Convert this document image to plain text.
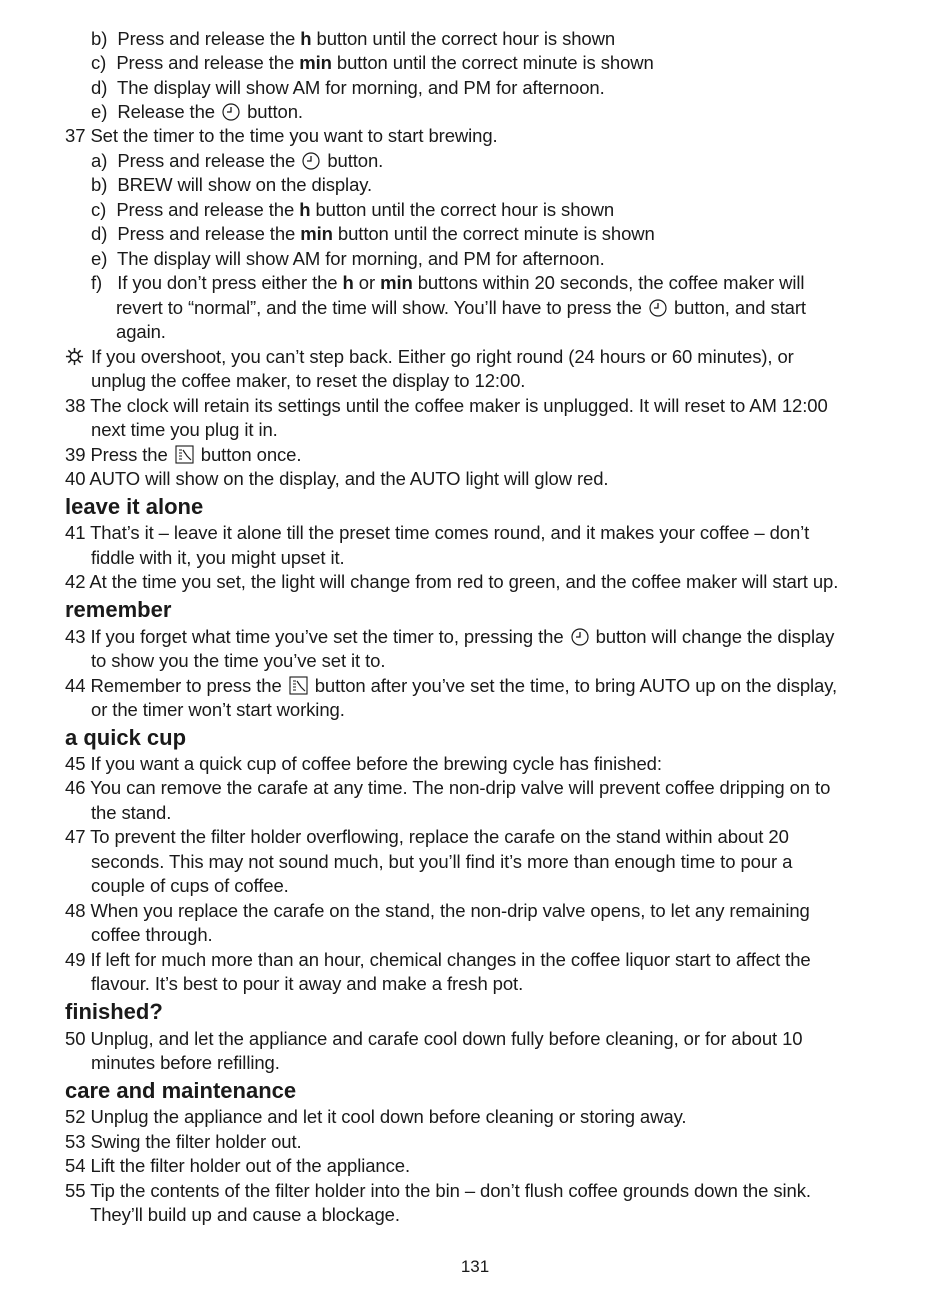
b) Press and release the h button until the correct hour is shown
c) Press and release the min button until the correct minute is shown
d) The display will show AM for morning, and PM for afternoon.
e) Release the button.
37 Set the timer to the time you want to start brewing.
a) Press and release the button.
b) BREW will show on the display.
c) Press and release the h button until the correct hour is shown
d) Press and release the min button until the correct minute is shown
e) The display will show AM for morning, and PM for afternoon.
f) If you don’t press either the h or min buttons within 20 seconds, the coffee maker will
revert to “normal”, and the time will show. You’ll have to press the button, and start
again.
If you overshoot, you can’t step back. Either go right round (24 hours or 60 minutes), or
unplug the coffee maker, to reset the display to 12:00.
38 The clock will retain its settings until the coffee maker is unplugged. It will reset to AM 12:00
next time you plug it in.
39 Press the button once.
40 AUTO will show on the display, and the AUTO light will glow red.
leave it alone
41 That’s it – leave it alone till the preset time comes round, and it makes your coffee – don’t
fiddle with it, you might upset it.
42 At the time you set, the light will change from red to green, and the coffee maker will start up.
remember
43 If you forget what time you’ve set the timer to, pressing the button will change the display
to show you the time you’ve set it to.
44 Remember to press the button after you’ve set the time, to bring AUTO up on the display,
or the timer won’t start working.
a quick cup
45 If you want a quick cup of coffee before the brewing cycle has finished:
46 You can remove the carafe at any time. The non-drip valve will prevent coffee dripping on to
the stand.
47 To prevent the filter holder overflowing, replace the carafe on the stand within about 20
seconds. This may not sound much, but you’ll find it’s more than enough time to pour a
couple of cups of coffee.
48 When you replace the carafe on the stand, the non-drip valve opens, to let any remaining
coffee through.
49 If left for much more than an hour, chemical changes in the coffee liquor start to affect the
flavour. It’s best to pour it away and make a fresh pot.
finished?
50 Unplug, and let the appliance and carafe cool down fully before cleaning, or for about 10
minutes before refilling.
care and maintenance
52 Unplug the appliance and let it cool down before cleaning or storing away.
53 Swing the filter holder out.
54 Lift the filter holder out of the appliance.
55 Tip the contents of the filter holder into the bin – don’t flush coffee grounds down the sink.
They’ll build up and cause a blockage.
131
